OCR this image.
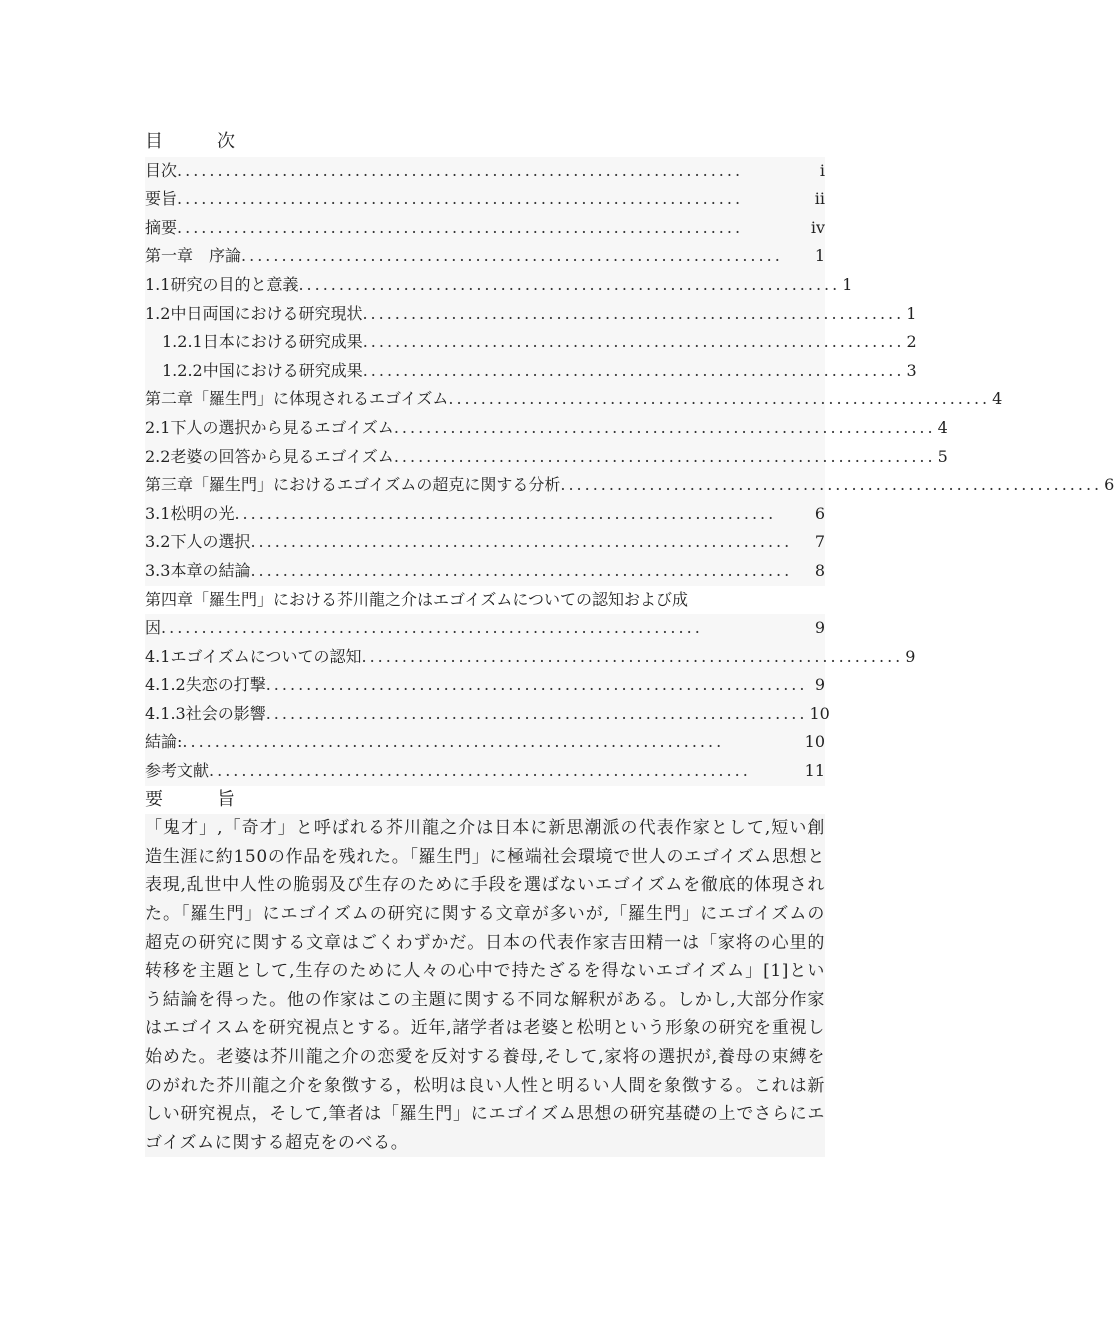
目　次
目次 ......................................................................	i
要旨 ......................................................................	ii
摘要 ......................................................................	iv
第一章　序論 ...................................................................	1
1.1研究の目的と意義 ................................................................... 1
1.2中日両国における研究現状 ................................................................... 1
1.2.1日本における研究成果 ................................................................... 2
1.2.2中国における研究成果 ................................................................... 3
第二章「羅生門」に体現されるエゴイズム ................................................................... 4
2.1下人の選択から見るエゴイズム ................................................................... 4
2.2老婆の回答から見るエゴイズム ................................................................... 5
第三章「羅生門」におけるエゴイズムの超克に関する分析 ................................................................... 6
3.1松明の光 ...................................................................	6
3.2下人の選択 ...................................................................	7
3.3本章の結論 ...................................................................	8
第四章「羅生門」における芥川龍之介はエゴイズムについての認知および成
因 ...................................................................	9
4.1エゴイズムについての認知 ................................................................... 9
4.1.2失恋の打撃 ................................................................... 9
4.1.3社会の影響 ................................................................... 10
結論: ...................................................................	10
参考文献 ...................................................................	11
要　旨

「鬼才」,「奇才」と呼ばれる芥川龍之介は日本に新思潮派の代表作家として,短い創造生涯に約150の作品を残れた。「羅生門」に極端社会環境で世人のエゴイズム思想と表現,乱世中人性の脆弱及び生存のために手段を選ばないエゴイズムを徹底的体現された。「羅生門」にエゴイズムの研究に関する文章が多いが,「羅生門」にエゴイズムの超克の研究に関する文章はごくわずかだ。日本の代表作家吉田精一は「家将の心里的转移を主題として,生存のために人々の心中で持たざるを得ないエゴイズム」[1]という結論を得った。他の作家はこの主題に関する不同な解釈がある。しかし,大部分作家はエゴイスムを研究視点とする。近年,諸学者は老婆と松明という形象の研究を重視し始めた。老婆は芥川龍之介の恋愛を反対する養母,そして,家将の選択が,養母の束縛をのがれた芥川龍之介を象徴する，松明は良い人性と明るい人間を象徴する。これは新しい研究視点，そして,筆者は「羅生門」にエゴイズム思想の研究基礎の上でさらにエゴイズムに関する超克をのべる。
